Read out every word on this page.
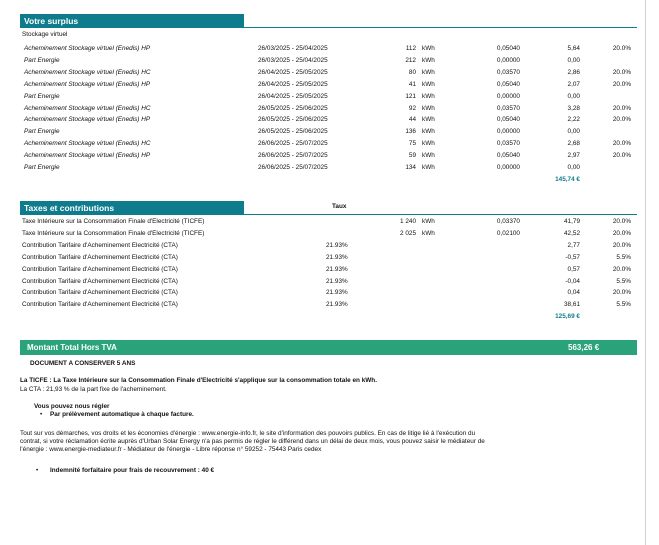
Votre surplus
Stockage virtuel
Acheminement Stockage virtuel (Enedis) HP	26/03/2025 - 25/04/2025	112 kWh	0,05040	5,64	20.0%
Part Energie	26/03/2025 - 25/04/2025	212 kWh	0,00000	0,00
Acheminement Stockage virtuel (Enedis) HC	26/04/2025 - 25/05/2025	80 kWh	0,03570	2,86	20.0%
Acheminement Stockage virtuel (Enedis) HP	26/04/2025 - 25/05/2025	41 kWh	0,05040	2,07	20.0%
Part Energie	26/04/2025 - 25/05/2025	121 kWh	0,00000	0,00
Acheminement Stockage virtuel (Enedis) HC	26/05/2025 - 25/06/2025	92 kWh	0,03570	3,28	20.0%
Acheminement Stockage virtuel (Enedis) HP	26/05/2025 - 25/06/2025	44 kWh	0,05040	2,22	20.0%
Part Energie	26/05/2025 - 25/06/2025	136 kWh	0,00000	0,00
Acheminement Stockage virtuel (Enedis) HC	26/06/2025 - 25/07/2025	75 kWh	0,03570	2,68	20.0%
Acheminement Stockage virtuel (Enedis) HP	26/06/2025 - 25/07/2025	59 kWh	0,05040	2,97	20.0%
Part Energie	26/06/2025 - 25/07/2025	134 kWh	0,00000	0,00
145,74 €
Taxes et contributions	Taux
Taxe Intérieure sur la Consommation Finale d'Electricité (TICFE)	1 240 kWh	0,03370	41,79	20.0%
Taxe Intérieure sur la Consommation Finale d'Electricité (TICFE)	2 025 kWh	0,02100	42,52	20.0%
Contribution Tarifaire d'Acheminement Electricité (CTA)	21.93%	2,77	20.0%
Contribution Tarifaire d'Acheminement Electricité (CTA)	21.93%	-0,57	5.5%
Contribution Tarifaire d'Acheminement Electricité (CTA)	21.93%	0,57	20.0%
Contribution Tarifaire d'Acheminement Electricité (CTA)	21.93%	-0,04	5.5%
Contribution Tarifaire d'Acheminement Electricité (CTA)	21.93%	0,04	20.0%
Contribution Tarifaire d'Acheminement Electricité (CTA)	21.93%	38,61	5.5%
125,69 €
Montant Total Hors TVA	563,26 €
DOCUMENT A CONSERVER 5 ANS
La TICFE : La Taxe Intérieure sur la Consommation Finale d'Electricité s'applique sur la consommation totale en kWh.
La CTA : 21,93 % de la part fixe de l'acheminement.
Vous pouvez nous régler
• Par prélèvement automatique à chaque facture.
Tout sur vos démarches, vos droits et les économies d'énergie : www.energie-info.fr, le site d'information des pouvoirs publics. En cas de litige lié à l'exécution du
contrat, si votre réclamation écrite auprès d'Urban Solar Energy n'a pas permis de régler le différend dans un délai de deux mois, vous pouvez saisir le médiateur de
l'énergie : www.energie-mediateur.fr - Médiateur de l'énergie - Libre réponse n° 59252 - 75443 Paris cedex
• Indemnité forfaitaire pour frais de recouvrement : 40 €
